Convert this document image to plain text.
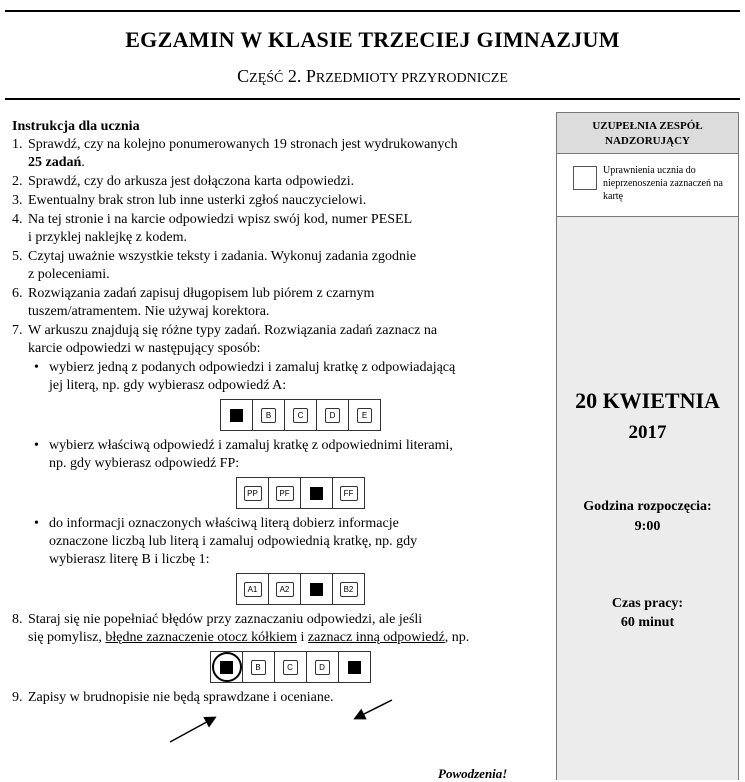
EGZAMIN W KLASIE TRZECIEJ GIMNAZJUM
CZĘŚĆ 2. PRZEDMIOTY PRZYRODNICZE
UZUPEŁNIA ZESPÓŁ
NADZORUJĄCY
Uprawnienia ucznia do nieprzenoszenia zaznaczeń na kartę
20 KWIETNIA
2017
Godzina rozpoczęcia:
9:00
Czas pracy:
60 minut
Instrukcja dla ucznia
1. Sprawdź, czy na kolejno ponumerowanych 19 stronach jest wydrukowanych
25 zadań.
2. Sprawdź, czy do arkusza jest dołączona karta odpowiedzi.
3. Ewentualny brak stron lub inne usterki zgłoś nauczycielowi.
4. Na tej stronie i na karcie odpowiedzi wpisz swój kod, numer PESEL
i przyklej naklejkę z kodem.
5. Czytaj uważnie wszystkie teksty i zadania. Wykonuj zadania zgodnie
z poleceniami.
6. Rozwiązania zadań zapisuj długopisem lub piórem z czarnym
tuszem/atramentem. Nie używaj korektora.
7. W arkuszu znajdują się różne typy zadań. Rozwiązania zadań zaznacz na
karcie odpowiedzi w następujący sposób:
• wybierz jedną z podanych odpowiedzi i zamaluj kratkę z odpowiadającą
jej literą, np. gdy wybierasz odpowiedź A:
B	C	D	E
• wybierz właściwą odpowiedź i zamaluj kratkę z odpowiednimi literami,
np. gdy wybierasz odpowiedź FP:
PP	PF	FF
• do informacji oznaczonych właściwą literą dobierz informacje
oznaczone liczbą lub literą i zamaluj odpowiednią kratkę, np. gdy
wybierasz literę B i liczbę 1:
A1	A2	B2
8. Staraj się nie popełniać błędów przy zaznaczaniu odpowiedzi, ale jeśli
się pomylisz, błędne zaznaczenie otocz kółkiem i zaznacz inną odpowiedź, np.
B	C	D
9. Zapisy w brudnopisie nie będą sprawdzane i oceniane.
Powodzenia!
